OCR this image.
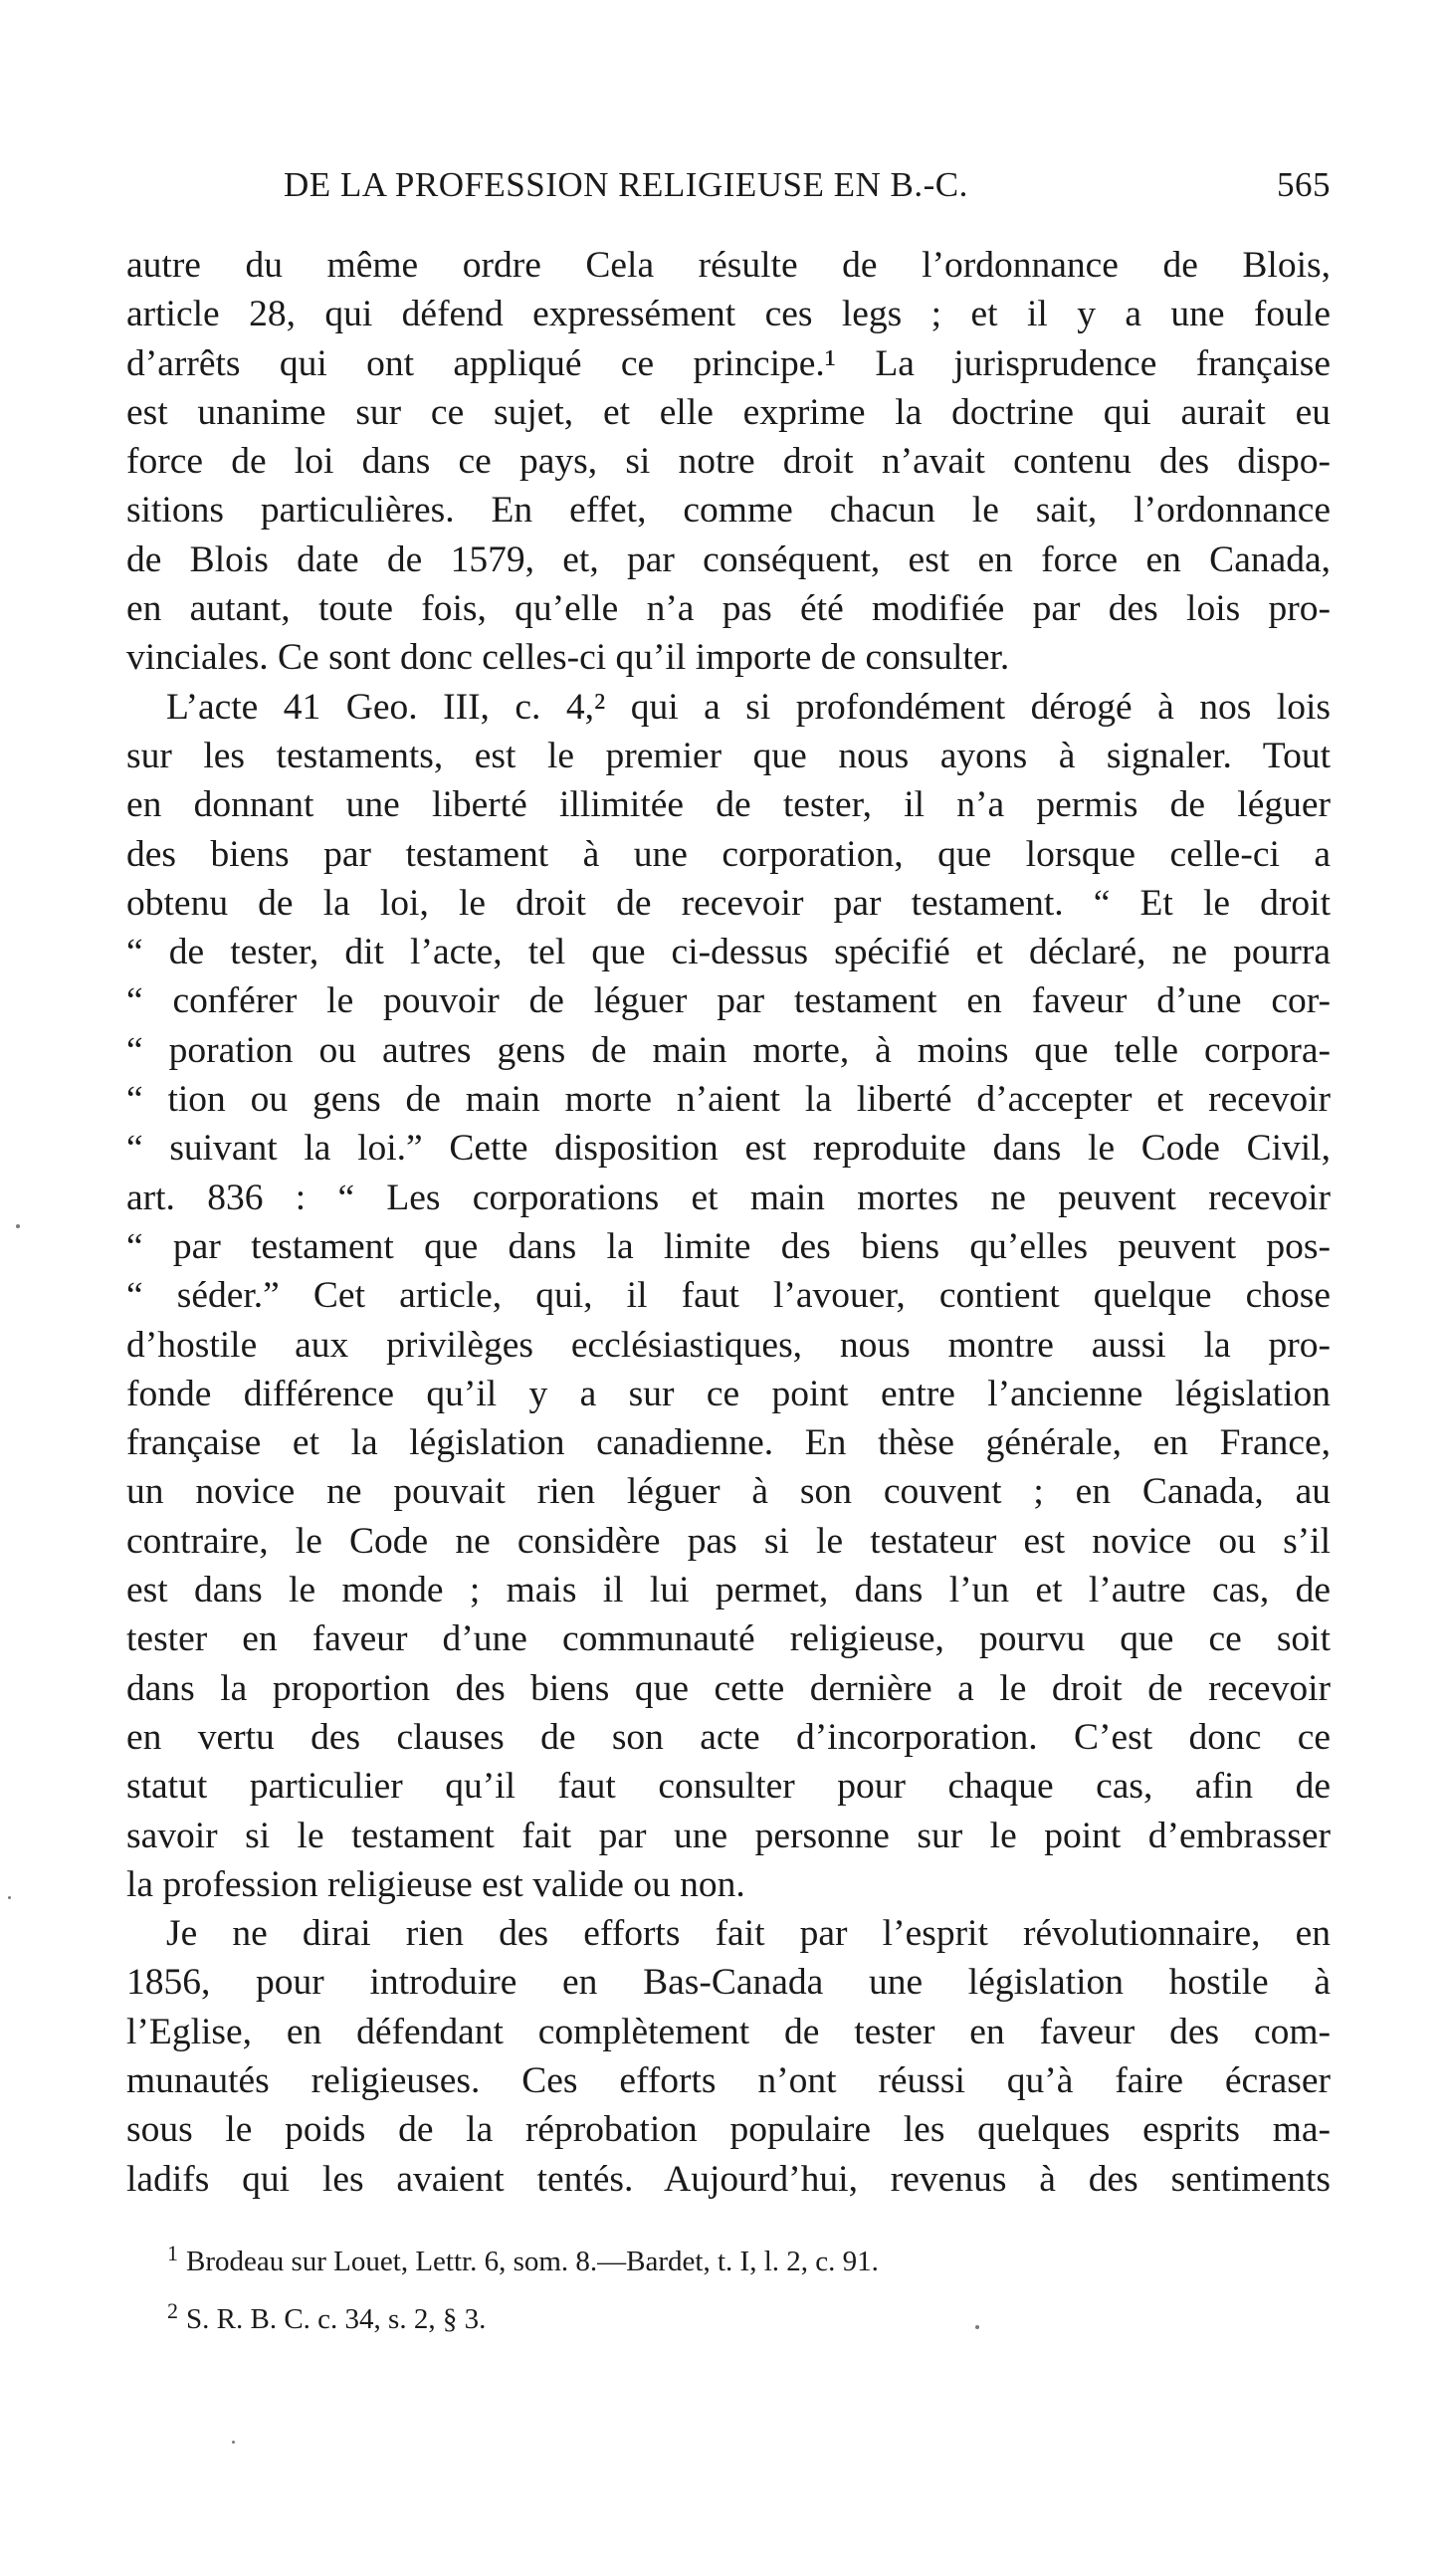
DE LA PROFESSION RELIGIEUSE EN B.-C.	565
autre du même ordre Cela résulte de l’ordonnance de Blois,
article 28, qui défend expressément ces legs ; et il y a une foule
d’arrêts qui ont appliqué ce principe.¹ La jurisprudence française
est unanime sur ce sujet, et elle exprime la doctrine qui aurait eu
force de loi dans ce pays, si notre droit n’avait contenu des dispo-
sitions particulières. En effet, comme chacun le sait, l’ordonnance
de Blois date de 1579, et, par conséquent, est en force en Canada,
en autant, toute fois, qu’elle n’a pas été modifiée par des lois pro-
vinciales. Ce sont donc celles-ci qu’il importe de consulter.
L’acte 41 Geo. III, c. 4,² qui a si profondément dérogé à nos lois
sur les testaments, est le premier que nous ayons à signaler. Tout
en donnant une liberté illimitée de tester, il n’a permis de léguer
des biens par testament à une corporation, que lorsque celle-ci a
obtenu de la loi, le droit de recevoir par testament. “ Et le droit
“ de tester, dit l’acte, tel que ci-dessus spécifié et déclaré, ne pourra
“ conférer le pouvoir de léguer par testament en faveur d’une cor-
“ poration ou autres gens de main morte, à moins que telle corpora-
“ tion ou gens de main morte n’aient la liberté d’accepter et recevoir
“ suivant la loi.” Cette disposition est reproduite dans le Code Civil,
art. 836 : “ Les corporations et main mortes ne peuvent recevoir
“ par testament que dans la limite des biens qu’elles peuvent pos-
“ séder.” Cet article, qui, il faut l’avouer, contient quelque chose
d’hostile aux privilèges ecclésiastiques, nous montre aussi la pro-
fonde différence qu’il y a sur ce point entre l’ancienne législation
française et la législation canadienne. En thèse générale, en France,
un novice ne pouvait rien léguer à son couvent ; en Canada, au
contraire, le Code ne considère pas si le testateur est novice ou s’il
est dans le monde ; mais il lui permet, dans l’un et l’autre cas, de
tester en faveur d’une communauté religieuse, pourvu que ce soit
dans la proportion des biens que cette dernière a le droit de recevoir
en vertu des clauses de son acte d’incorporation. C’est donc ce
statut particulier qu’il faut consulter pour chaque cas, afin de
savoir si le testament fait par une personne sur le point d’embrasser
la profession religieuse est valide ou non.
Je ne dirai rien des efforts fait par l’esprit révolutionnaire, en
1856, pour introduire en Bas-Canada une législation hostile à
l’Eglise, en défendant complètement de tester en faveur des com-
munautés religieuses. Ces efforts n’ont réussi qu’à faire écraser
sous le poids de la réprobation populaire les quelques esprits ma-
ladifs qui les avaient tentés. Aujourd’hui, revenus à des sentiments
$^1$ Brodeau sur Louet, Lettr. 6, som. 8.—Bardet, t. I, l. 2, c. 91.
$^2$ S. R. B. C. c. 34, s. 2, § 3.
